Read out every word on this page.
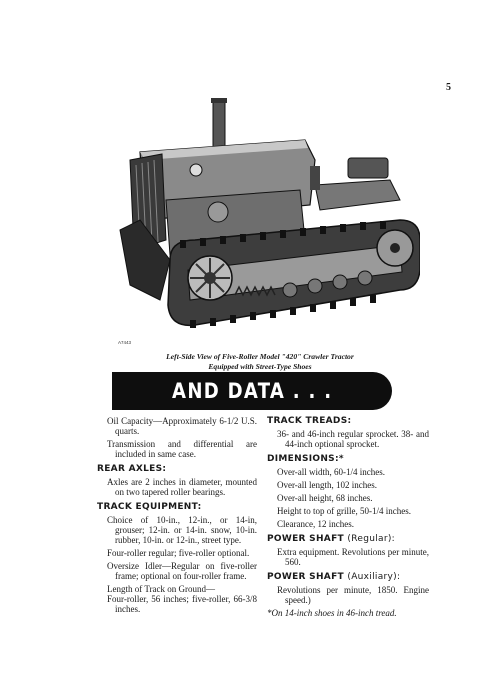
5
A7443
Left-Side View of Five-Roller Model "420" Crawler Tractor
Equipped with Street-Type Shoes
AND DATA . . .

Oil Capacity—Approximately 6-1/2 U.S. quarts.

Transmission and differential are included in same case.

REAR AXLES:

Axles are 2 inches in diameter, mounted on two tapered roller bearings.

TRACK EQUIPMENT:

Choice of 10-in., 12-in., or 14-in, grouser; 12-in. or 14-in. snow, 10-in. rubber, 10-in. or 12-in., street type.

Four-roller regular; five-roller optional.

Oversize Idler—Regular on five-roller frame; optional on four-roller frame.

Length of Track on Ground—

Four-roller, 56 inches; five-roller, 66-3/8 inches.

TRACK TREADS:

36- and 46-inch regular sprocket. 38- and 44-inch optional sprocket.

DIMENSIONS:*

Over-all width, 60-1/4 inches.

Over-all length, 102 inches.

Over-all height, 68 inches.

Height to top of grille, 50-1/4 inches.

Clearance, 12 inches.

POWER SHAFT (Regular):

Extra equipment. Revolutions per minute, 560.

POWER SHAFT (Auxiliary):

Revolutions per minute, 1850. Engine speed.)

*On 14-inch shoes in 46-inch tread.
